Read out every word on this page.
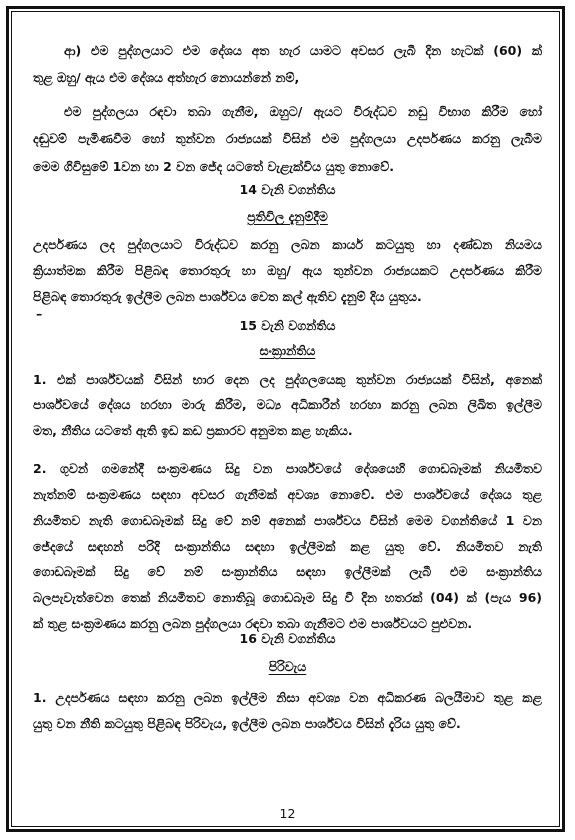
ආ) එම පුද්ගලයාට එම දේශය අත හැර යාමට අවසර ලැබී දින හැටක් (60) ක්
තුළ ඔහු/ ඇය එම දේශය අත්හැර නොයන්නේ නම්,
එම පුද්ගලයා රඳවා තබා ගැනීම, ඔහුට/ ඇයට විරුද්ධව නඩු විභාග කිරීම හෝ
දඬුවම් පැමිණවීම හෝ තුන්වන රාජ්‍යයක් විසින් එම පුද්ගලයා උදර්පණය කරනු ලැබීම
මෙම ගිවිසුමේ 1වන හා 2 වන ජේද යටතේ වැළැක්විය යුතු නොවේ.
14 වැනි වගන්තිය
ප්‍රතිවිල දැනුම්දීම
උදර්පණය ලද පුද්ගලයාට විරුද්ධව කරනු ලබන කාර්ය කටයුතු හා දණ්ඩන නියමය
ක්‍රියාත්මක කිරීම පිළිබඳ තොරතුරු හා ඔහු/ ඇය තුන්වන රාජ්‍යයකට උදර්පණය කිරීම
පිළිබඳ තොරතුරු ඉල්ලීම ලබන පාර්ශ්වය වෙත කල් ඇතිව දැනුම් දිය යුතුය.
–
15 වැනි වගන්තිය
සංක්‍රාන්තිය
1. එක් පාර්ශ්වයක් විසින් භාර දෙන ලද පුද්ගලයෙකු තුන්වන රාජ්‍යයක් විසින්, අනෙක්
පාර්ශ්වයේ දේශය හරහා මාරු කිරීම, මධ්‍ය අධිකාරීන් හරහා කරනු ලබන ලිඛිත ඉල්ලීම
මත, නීතිය යටතේ ඇති ඉඩ කඩ ප්‍රකාරව අනුමත කළ හැකිය.
2. ගුවන් ගමනේදී සංක්‍රමණය සිදු වන පාර්ශ්වයේ දේශයෙහි ගොඩබෑමක් නියමිතව
නැත්නම් සංක්‍රමණය සඳහා අවසර ගැනීමක් අවශ්‍ය නොවේ. එම පාර්ශ්වයේ දේශය තුළ
නියමිතව නැති ගොඩබෑමක් සිදු වේ නම් අනෙක් පාර්ශ්වය විසින් මෙම වගන්තියේ 1 වන
ජේදයේ සඳහන් පරිදි සංක්‍රාන්තිය සඳහා ඉල්ලීමක් කළ යුතු වේ. නියමිතව නැති
ගොඩබෑමක් සිදු වේ නම් සංක්‍රාන්තිය සඳහා ඉල්ලීමක් ලැබී එම සංක්‍රාන්තිය
බලපැවැත්වෙන තෙක් නියමිතව නොතිබූ ගොඩබෑම සිදු වී දින හතරක් (04) ක් (පැය 96)
ක් තුළ සංක්‍රමණය කරනු ලබන පුද්ගලයා රඳවා තබා ගැනීමට එම පාර්ශ්වයට පුළුවන.
16 වැනි වගන්තිය
පිරිවැය
1. උදර්පණය සඳහා කරනු ලබන ඉල්ලීම නිසා අවශ්‍ය වන අධිකරණ බලයීමාව තුළ කළ
යුතු වන නීති කටයුතු පිළිබඳ පිරිවැය, ඉල්ලීම ලබන පාර්ශ්වය විසින් දැරිය යුතු වේ.
12
